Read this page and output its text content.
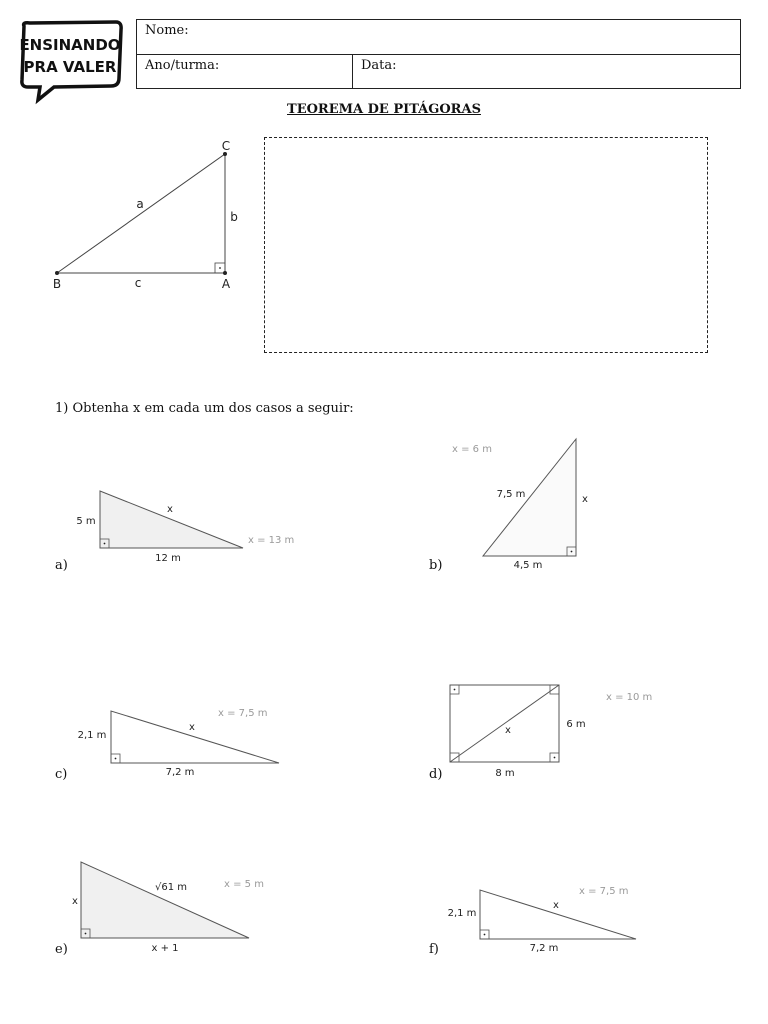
ENSINANDO
PRA VALER
Nome:
Ano/turma:	Data:
TEOREMA DE PITÁGORAS
C
B	A
a
b
c
1) Obtenha x em cada um dos casos a seguir:
a)	b)
c)	d)
e)	f)
5 m
12 m
x
x = 13 m
x = 6 m
7,5 m	x
4,5 m
2,1 m
7,2 m
x
x = 7,5 m
x
6 m
8 m
x = 10 m
x
x + 1
√61 m	x = 5 m
2,1 m
7,2 m
x
x = 7,5 m
